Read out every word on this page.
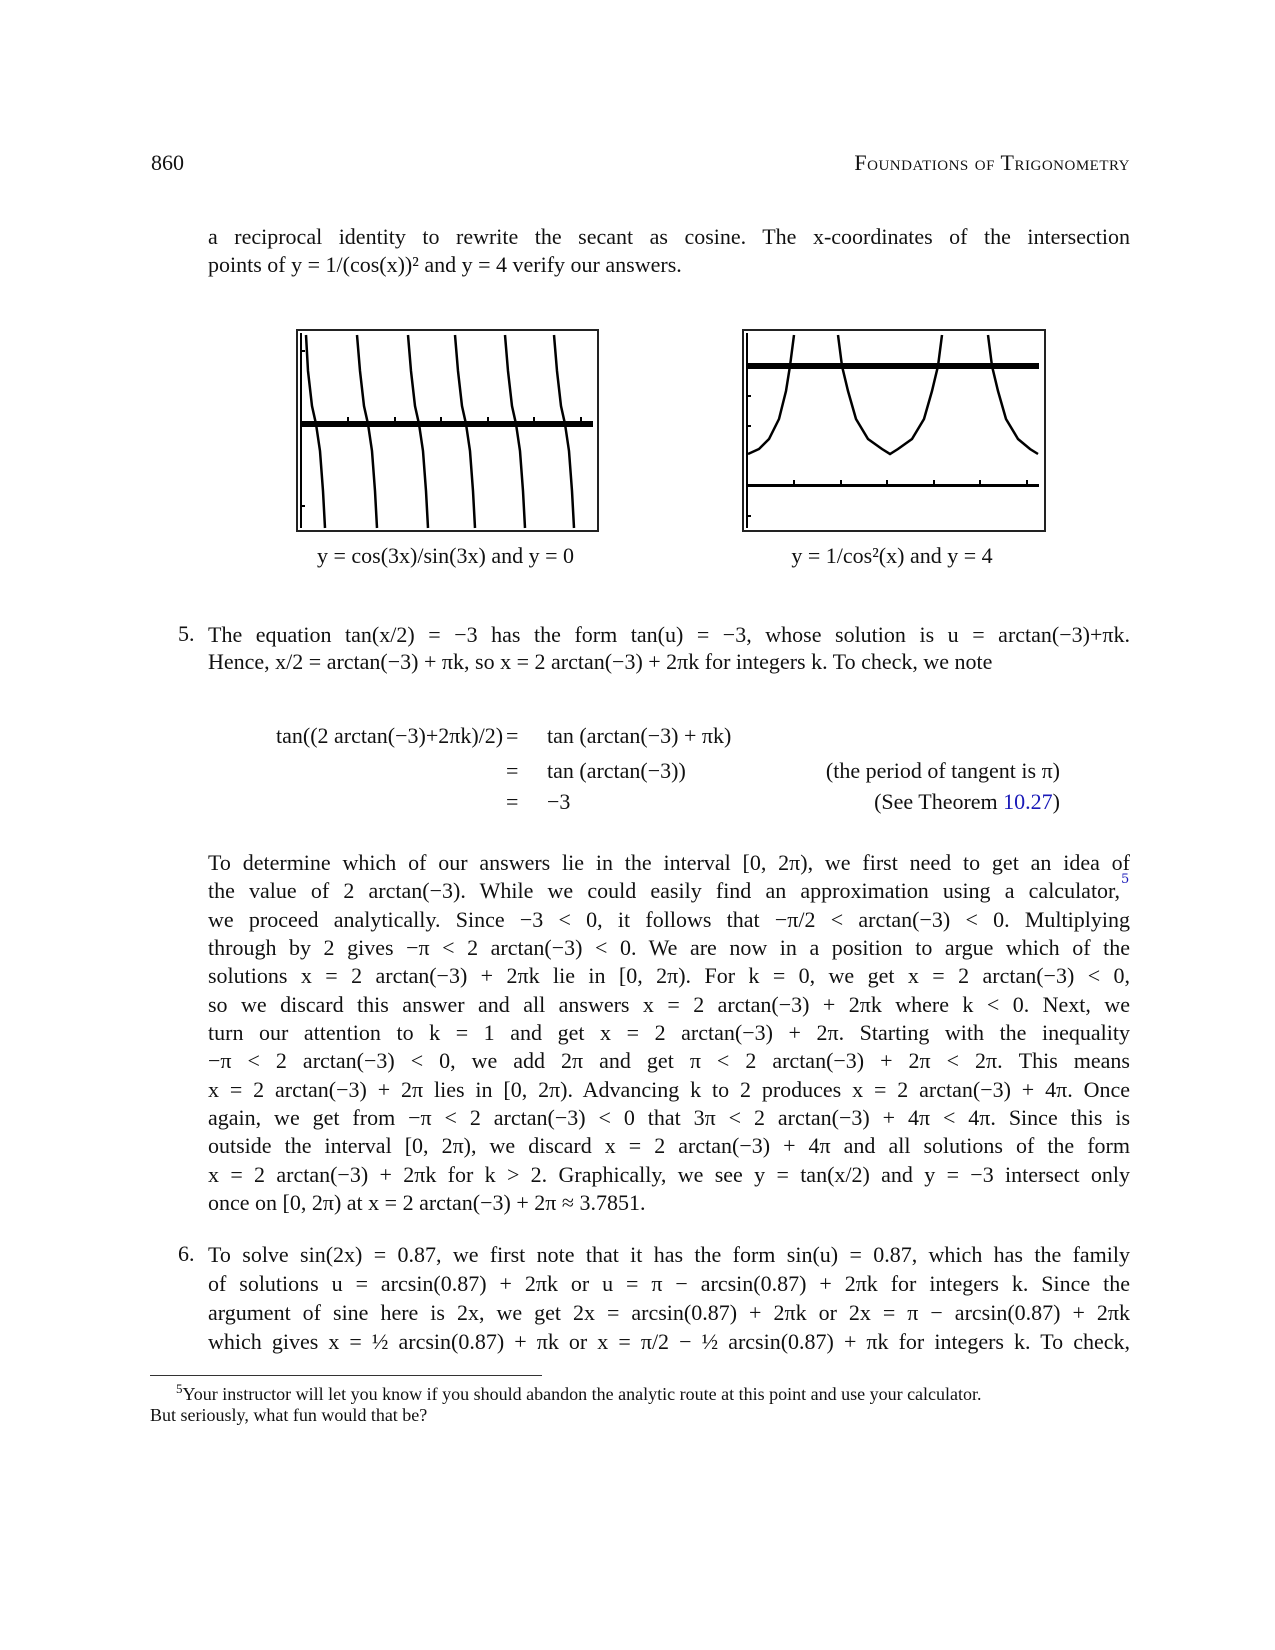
860	Foundations of Trigonometry
a reciprocal identity to rewrite the secant as cosine. The x-coordinates of the intersection
points of y = 1/(cos(x))² and y = 4 verify our answers.
y = cos(3x)/sin(3x) and y = 0	y = 1/cos²(x) and y = 4
5. The equation tan(x/2) = −3 has the form tan(u) = −3, whose solution is u = arctan(−3)+πk.
Hence, x/2 = arctan(−3) + πk, so x = 2 arctan(−3) + 2πk for integers k. To check, we note
tan((2 arctan(−3)+2πk)/2) = tan (arctan(−3) + πk)
= tan (arctan(−3))	(the period of tangent is π)
= −3	(See Theorem 10.27)
To determine which of our answers lie in the interval [0, 2π), we first need to get an idea of
the value of 2 arctan(−3). While we could easily find an approximation using a calculator, 5
we proceed analytically. Since −3 < 0, it follows that −π/2 < arctan(−3) < 0. Multiplying
through by 2 gives −π < 2 arctan(−3) < 0. We are now in a position to argue which of the
solutions x = 2 arctan(−3) + 2πk lie in [0, 2π). For k = 0, we get x = 2 arctan(−3) < 0,
so we discard this answer and all answers x = 2 arctan(−3) + 2πk where k < 0. Next, we
turn our attention to k = 1 and get x = 2 arctan(−3) + 2π. Starting with the inequality
−π < 2 arctan(−3) < 0, we add 2π and get π < 2 arctan(−3) + 2π < 2π. This means
x = 2 arctan(−3) + 2π lies in [0, 2π). Advancing k to 2 produces x = 2 arctan(−3) + 4π. Once
again, we get from −π < 2 arctan(−3) < 0 that 3π < 2 arctan(−3) + 4π < 4π. Since this is
outside the interval [0, 2π), we discard x = 2 arctan(−3) + 4π and all solutions of the form
x = 2 arctan(−3) + 2πk for k > 2. Graphically, we see y = tan(x/2) and y = −3 intersect only
once on [0, 2π) at x = 2 arctan(−3) + 2π ≈ 3.7851.
6. To solve sin(2x) = 0.87, we first note that it has the form sin(u) = 0.87, which has the family
of solutions u = arcsin(0.87) + 2πk or u = π − arcsin(0.87) + 2πk for integers k. Since the
argument of sine here is 2x, we get 2x = arcsin(0.87) + 2πk or 2x = π − arcsin(0.87) + 2πk
which gives x = ½ arcsin(0.87) + πk or x = π/2 − ½ arcsin(0.87) + πk for integers k. To check,
$^5$Your instructor will let you know if you should abandon the analytic route at this point and use your calculator.
But seriously, what fun would that be?
